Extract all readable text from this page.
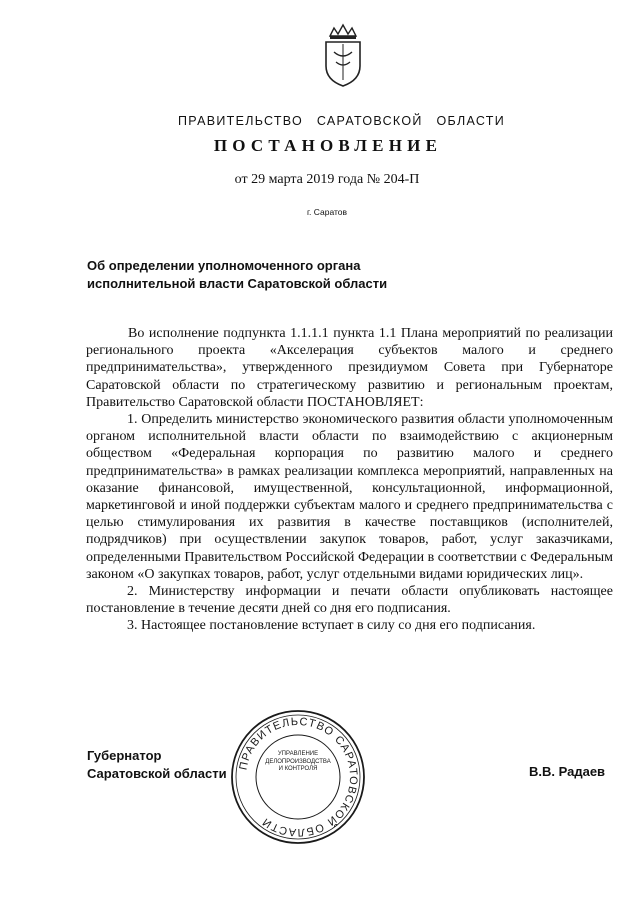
ПРАВИТЕЛЬСТВО САРАТОВСКОЙ ОБЛАСТИ
ПОСТАНОВЛЕНИЕ
от 29 марта 2019 года № 204-П
г. Саратов
Об определении уполномоченного органа
исполнительной власти Саратовской области

Во исполнение подпункта 1.1.1.1 пункта 1.1 Плана мероприятий по реализации регионального проекта «Акселерация субъектов малого и среднего предпринимательства», утвержденного президиумом Совета при Губернаторе Саратовской области по стратегическому развитию и региональным проектам, Правительство Саратовской области ПОСТАНОВЛЯЕТ:

1. Определить министерство экономического развития области уполномоченным органом исполнительной власти области по взаимодействию с акционерным обществом «Федеральная корпорация по развитию малого и среднего предпринимательства» в рамках реализации комплекса мероприятий, направленных на оказание финансовой, имущественной, консультационной, информационной, маркетинговой и иной поддержки субъектам малого и среднего предпринимательства с целью стимулирования их развития в качестве поставщиков (исполнителей, подрядчиков) при осуществлении закупок товаров, работ, услуг заказчиками, определенными Правительством Российской Федерации в соответствии с Федеральным законом «О закупках товаров, работ, услуг отдельными видами юридических лиц».

2. Министерству информации и печати области опубликовать настоящее постановление в течение десяти дней со дня его подписания.

3. Настоящее постановление вступает в силу со дня его подписания.

Губернатор
Саратовской области	В.В. Радаев
ПРАВИТЕЛЬСТВО САРАТОВСКОЙ ОБЛАСТИ
УПРАВЛЕНИЕ
ДЕЛОПРОИЗВОДСТВА
И КОНТРОЛЯ
